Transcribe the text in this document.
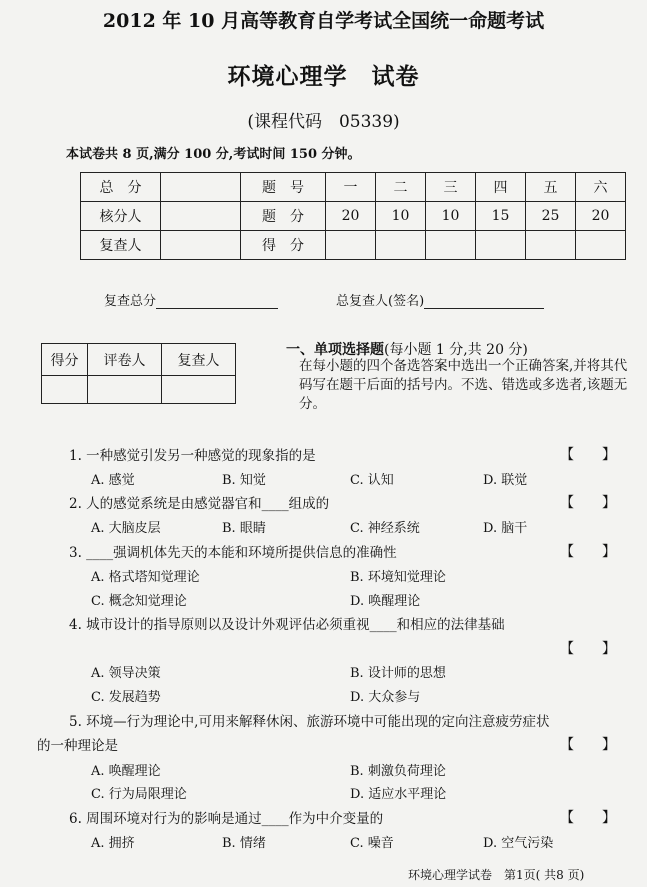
2012 年 10 月高等教育自学考试全国统一命题考试
环境心理学　试卷
(课程代码　05339)
本试卷共 8 页,满分 100 分,考试时间 150 分钟。
总　分		题　号	一	二	三	四	五	六
核分人		题　分	20	10	10	15	25	20
复查人		得　分						
复查总分	总复查人(签名)
得分	评卷人	复查人

一、单项选择题(每小题 1 分,共 20 分)
在每小题的四个备选答案中选出一个正确答案,并将其代码写在题干后面的括号内。不选、错选或多选者,该题无分。
1. 一种感觉引发另一种感觉的现象指的是	【　　】
A. 感觉	B. 知觉	C. 认知	D. 联觉
2. 人的感觉系统是由感觉器官和____组成的	【　　】
A. 大脑皮层	B. 眼睛	C. 神经系统	D. 脑干
3. ____强调机体先天的本能和环境所提供信息的准确性	【　　】
A. 格式塔知觉理论	B. 环境知觉理论
C. 概念知觉理论	D. 唤醒理论
4. 城市设计的指导原则以及设计外观评估必须重视____和相应的法律基础
【　　】
A. 领导决策	B. 设计师的思想
C. 发展趋势	D. 大众参与
5. 环境—行为理论中,可用来解释休闲、旅游环境中可能出现的定向注意疲劳症状
的一种理论是	【　　】
A. 唤醒理论	B. 刺激负荷理论
C. 行为局限理论	D. 适应水平理论
6. 周围环境对行为的影响是通过____作为中介变量的	【　　】
A. 拥挤	B. 情绪	C. 噪音	D. 空气污染
环境心理学试卷　第1页( 共8 页)
